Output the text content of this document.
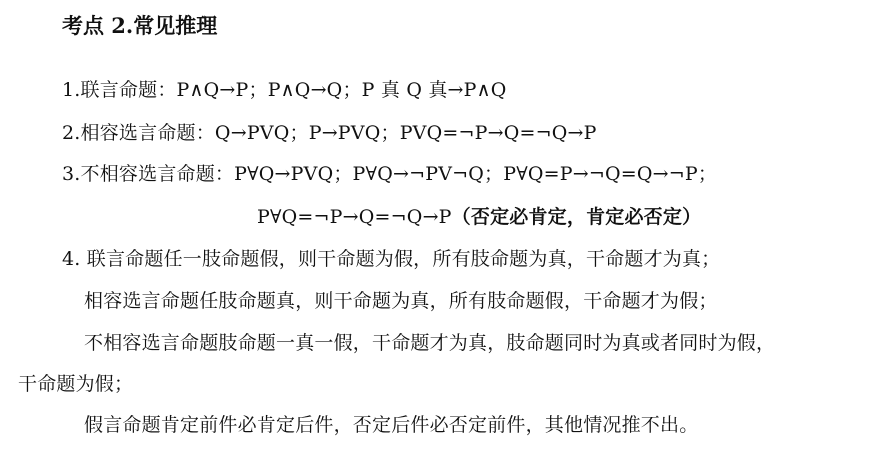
考点 2.常见推理
1.联言命题：P∧Q→P；P∧Q→Q；P 真 Q 真→P∧Q
2.相容选言命题：Q→PVQ；P→PVQ；PVQ=¬P→Q=¬Q→P
3.不相容选言命题：P∀Q→PVQ；P∀Q→¬PV¬Q；P∀Q=P→¬Q=Q→¬P；
P∀Q=¬P→Q=¬Q→P（否定必肯定，肯定必否定）
4. 联言命题任一肢命题假，则干命题为假，所有肢命题为真，干命题才为真；
相容选言命题任肢命题真，则干命题为真，所有肢命题假，干命题才为假；
不相容选言命题肢命题一真一假，干命题才为真，肢命题同时为真或者同时为假，
干命题为假；
假言命题肯定前件必肯定后件，否定后件必否定前件，其他情况推不出。
